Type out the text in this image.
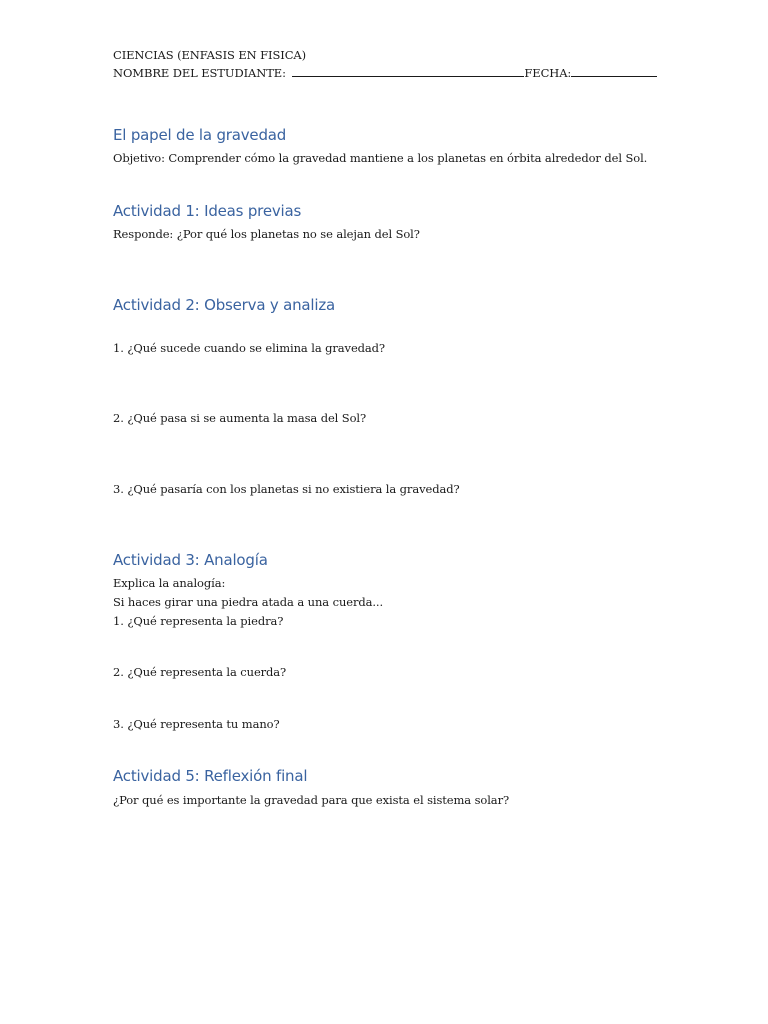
CIENCIAS (ENFASIS EN FISICA)
NOMBRE DEL ESTUDIANTE:	FECHA:
El papel de la gravedad
Objetivo: Comprender cómo la gravedad mantiene a los planetas en órbita alrededor del Sol.
Actividad 1: Ideas previas
Responde: ¿Por qué los planetas no se alejan del Sol?
Actividad 2: Observa y analiza
1. ¿Qué sucede cuando se elimina la gravedad?
2. ¿Qué pasa si se aumenta la masa del Sol?
3. ¿Qué pasaría con los planetas si no existiera la gravedad?
Actividad 3: Analogía
Explica la analogía:
Si haces girar una piedra atada a una cuerda...
1. ¿Qué representa la piedra?
2. ¿Qué representa la cuerda?
3. ¿Qué representa tu mano?
Actividad 5: Reflexión final
¿Por qué es importante la gravedad para que exista el sistema solar?
